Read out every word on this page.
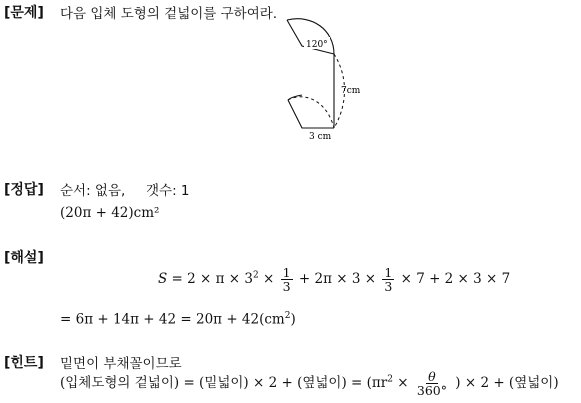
[문제] 다음 입체 도형의 겉넓이를 구하여라.
120°
7cm
3 cm
[정답] 순서: 없음, 갯수: 1
(20π + 42)cm²
[해설]
$S = 2 \times \pi \times 3^2 \times \frac{1}{3} + 2\pi \times 3 \times \frac{1}{3} \times 7 + 2 \times 3 \times 7$
= $6\pi + 14\pi + 42 = 20\pi + 42(cm^2)$
[힌트] 밑면이 부채꼴이므로
(입체도형의 겉넓이) = (밑넓이) × 2 + (옆넓이) = ($\pi r^2 \times \frac{\theta}{360^\circ}$ ) × 2 + (옆넓이)
